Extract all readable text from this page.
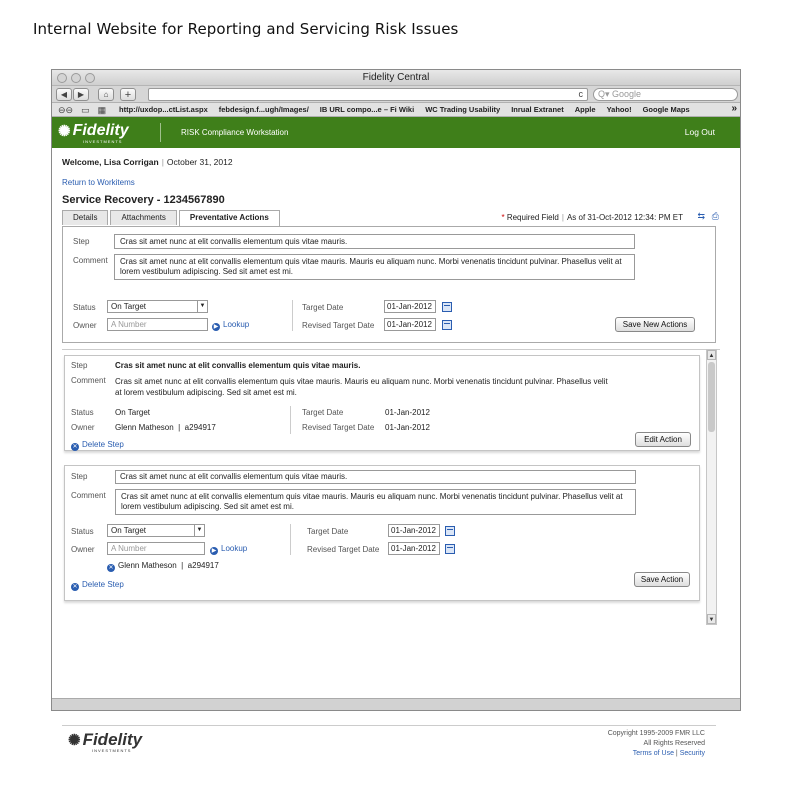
Internal Website for Reporting and Servicing Risk Issues
Fidelity Central
◀ ▶ ⌂ +	c	Q▾ Google
⊖⊖ ▭ ▦ http://uxdop...ctList.aspx febdesign.f...ugh/Images/ IB URL compo...e – Fi Wiki WC Trading Usability Inrual Extranet Apple Yahoo! Google Maps	»
✺ Fidelity
INVESTMENTS
RISK Compliance Workstation	Log Out
Welcome, Lisa Corrigan | October 31, 2012
Return to Workitems
Service Recovery - 1234567890
Details	Attachments	Preventative Actions	* Required Field | As of 31-Oct-2012 12:34: PM ET ⇆ ⎙
Step	Cras sit amet nunc at elit convallis elementum quis vitae mauris.
Comment	Cras sit amet nunc at elit convallis elementum quis vitae mauris. Mauris eu aliquam nunc. Morbi venenatis tincidunt pulvinar. Phasellus velit at lorem vestibulum adipiscing. Sed sit amet est mi.
Status	On Target	▼
Owner	A Number	▶ Lookup
Target Date	01-Jan-2012
Revised Target Date	01-Jan-2012	Save New Actions
Step	Cras sit amet nunc at elit convallis elementum quis vitae mauris.
Comment Cras sit amet nunc at elit convallis elementum quis vitae mauris. Mauris eu aliquam nunc. Morbi venenatis tincidunt pulvinar. Phasellus velit at lorem vestibulum adipiscing. Sed sit amet est mi.
Status	On Target
Owner	Glenn Matheson  |  a294917
Target Date	01-Jan-2012
Revised Target Date 01-Jan-2012
✕ Delete Step
Edit Action
Step	Cras sit amet nunc at elit convallis elementum quis vitae mauris.
Comment	Cras sit amet nunc at elit convallis elementum quis vitae mauris. Mauris eu aliquam nunc. Morbi venenatis tincidunt pulvinar. Phasellus velit at lorem vestibulum adipiscing. Sed sit amet est mi.
Status	On Target	▼
Owner	A Number	▶ Lookup
✕ Glenn Matheson  |  a294917
Target Date	01-Jan-2012
Revised Target Date	01-Jan-2012
✕ Delete Step
Save Action
▲
▼
✺ Fidelity
INVESTMENTS
Copyright 1995-2009 FMR LLC
All Rights Reserved
Terms of Use | Security
